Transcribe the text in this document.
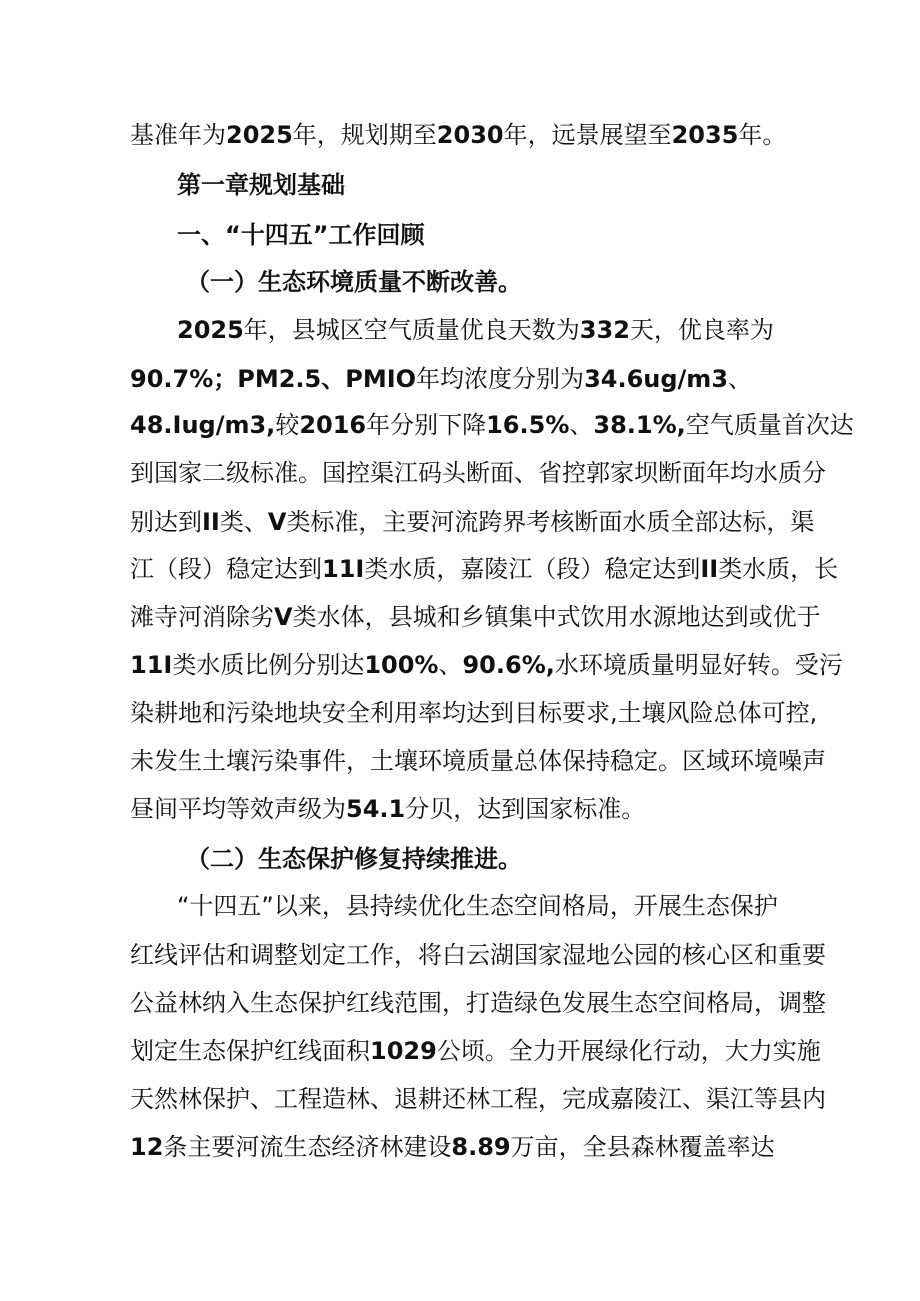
基准年为2025年，规划期至2030年，远景展望至2035年。
第一章规划基础
一、“十四五”工作回顾
（一）生态环境质量不断改善。
2025年，县城区空气质量优良天数为332天，优良率为
90.7%；PM2.5、PMIO年均浓度分别为34.6ug/m3、
48.Iug/m3,较2016年分别下降16.5%、38.1%,空气质量首次达
到国家二级标准。国控渠江码头断面、省控郭家坝断面年均水质分
别达到II类、V类标准，主要河流跨界考核断面水质全部达标，渠
江（段）稳定达到11I类水质，嘉陵江（段）稳定达到II类水质，长
滩寺河消除劣V类水体，县城和乡镇集中式饮用水源地达到或优于
11I类水质比例分别达100%、90.6%,水环境质量明显好转。受污
染耕地和污染地块安全利用率均达到目标要求,土壤风险总体可控,
未发生土壤污染事件，土壤环境质量总体保持稳定。区域环境噪声
昼间平均等效声级为54.1分贝，达到国家标准。
（二）生态保护修复持续推进。
“十四五”以来，县持续优化生态空间格局，开展生态保护
红线评估和调整划定工作，将白云湖国家湿地公园的核心区和重要
公益林纳入生态保护红线范围，打造绿色发展生态空间格局，调整
划定生态保护红线面积1029公顷。全力开展绿化行动，大力实施
天然林保护、工程造林、退耕还林工程，完成嘉陵江、渠江等县内
12条主要河流生态经济林建设8.89万亩，全县森林覆盖率达
